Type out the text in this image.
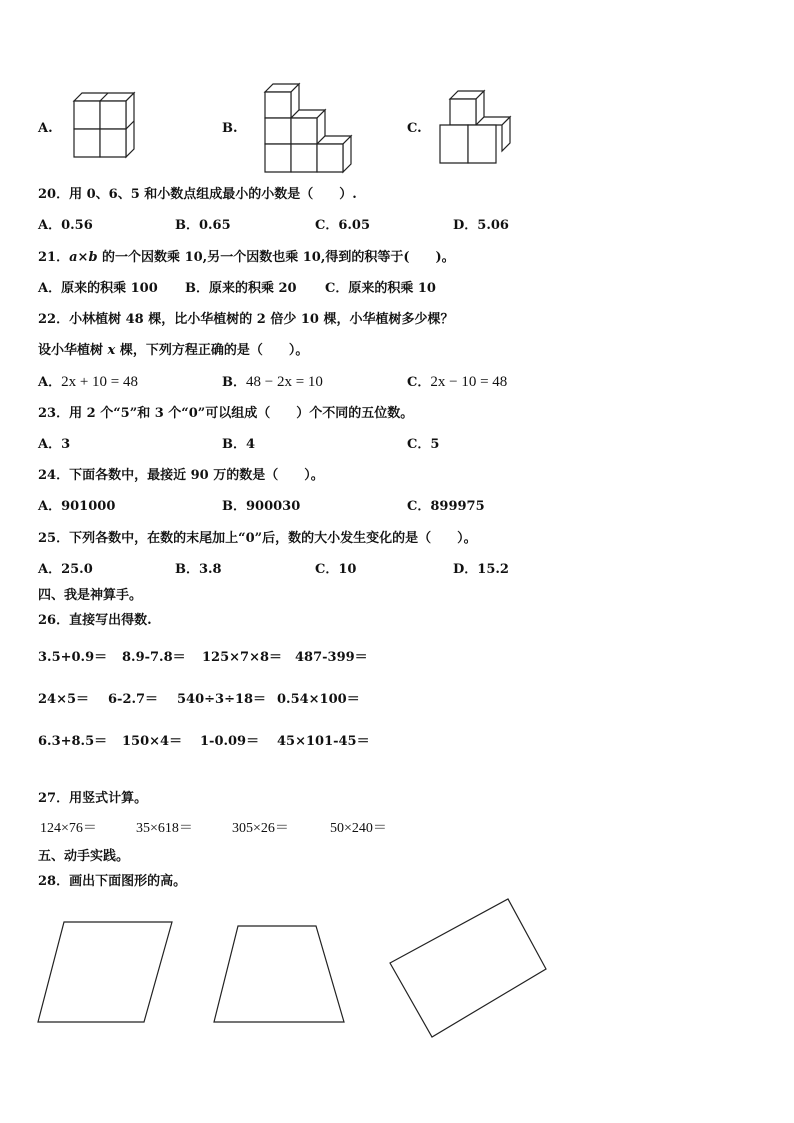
A.	B.	C.
20．用 0、6、5 和小数点组成最小的小数是（　　）.
A．0.56	B．0.65	C．6.05	D．5.06
21．a×b 的一个因数乘 10,另一个因数也乘 10,得到的积等于(　　)。
A．原来的积乘 100 B．原来的积乘 20 C．原来的积乘 10
22．小林植树 48 棵，比小华植树的 2 倍少 10 棵，小华植树多少棵？
设小华植树 x 棵，下列方程正确的是（　　）。
A．2x + 10 = 48	B．48 − 2x = 10	C．2x − 10 = 48
23．用 2 个“5”和 3 个“0”可以组成（　　）个不同的五位数。
A．3	B．4	C．5
24．下面各数中，最接近 90 万的数是（　　）。
A．901000	B．900030	C．899975
25．下列各数中，在数的末尾加上“0”后，数的大小发生变化的是（　　）。
A．25.0	B．3.8	C．10	D．15.2
四、我是神算手。
26．直接写出得数.
3.5+0.9＝ 8.9-7.8＝ 125×7×8＝ 487-399＝
24×5＝ 6-2.7＝ 540÷3÷18＝ 0.54×100＝
6.3+8.5＝ 150×4＝ 1-0.09＝ 45×101-45＝
27．用竖式计算。
124×76＝	35×618＝	305×26＝	50×240＝
五、动手实践。
28．画出下面图形的高。
